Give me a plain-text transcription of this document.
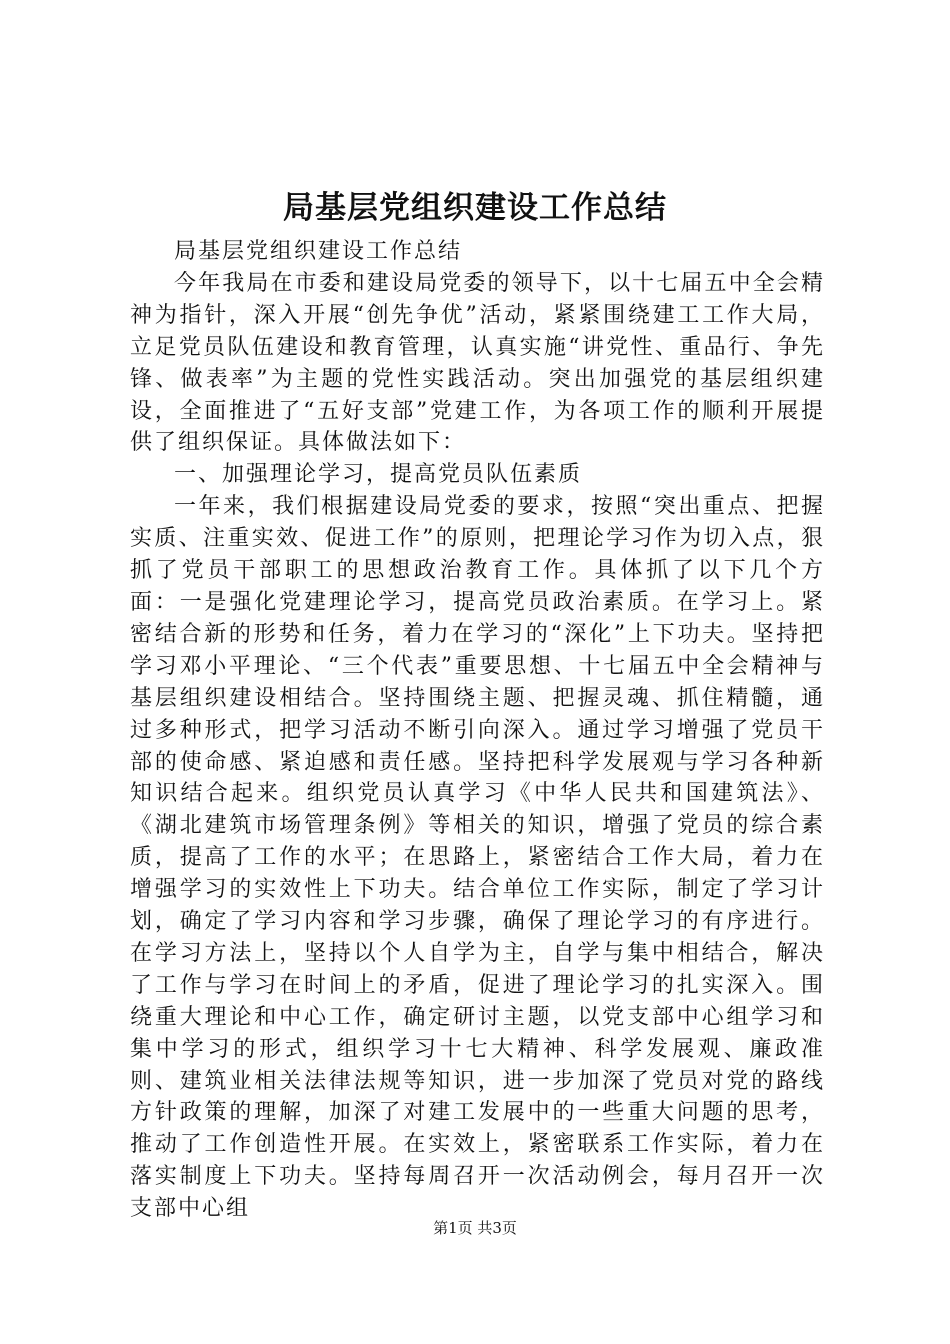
局基层党组织建设工作总结

局基层党组织建设工作总结

今年我局在市委和建设局党委的领导下，以十七届五中全会精神为指针，深入开展“创先争优”活动，紧紧围绕建工工作大局，立足党员队伍建设和教育管理，认真实施“讲党性、重品行、争先锋、做表率”为主题的党性实践活动。突出加强党的基层组织建设，全面推进了“五好支部”党建工作，为各项工作的顺利开展提供了组织保证。具体做法如下：

一、加强理论学习，提高党员队伍素质

一年来，我们根据建设局党委的要求，按照“突出重点、把握实质、注重实效、促进工作”的原则，把理论学习作为切入点，狠抓了党员干部职工的思想政治教育工作。具体抓了以下几个方面：一是强化党建理论学习，提高党员政治素质。在学习上。紧密结合新的形势和任务，着力在学习的“深化”上下功夫。坚持把学习邓小平理论、“三个代表”重要思想、十七届五中全会精神与基层组织建设相结合。坚持围绕主题、把握灵魂、抓住精髓，通过多种形式，把学习活动不断引向深入。通过学习增强了党员干部的使命感、紧迫感和责任感。坚持把科学发展观与学习各种新知识结合起来。组织党员认真学习《中华人民共和国建筑法》、《湖北建筑市场管理条例》等相关的知识，增强了党员的综合素质，提高了工作的水平；在思路上，紧密结合工作大局，着力在增强学习的实效性上下功夫。结合单位工作实际，制定了学习计划，确定了学习内容和学习步骤，确保了理论学习的有序进行。在学习方法上，坚持以个人自学为主，自学与集中相结合，解决了工作与学习在时间上的矛盾，促进了理论学习的扎实深入。围绕重大理论和中心工作，确定研讨主题，以党支部中心组学习和集中学习的形式，组织学习十七大精神、科学发展观、廉政准则、建筑业相关法律法规等知识，进一步加深了党员对党的路线方针政策的理解，加深了对建工发展中的一些重大问题的思考，推动了工作创造性开展。在实效上，紧密联系工作实际，着力在落实制度上下功夫。坚持每周召开一次活动例会，每月召开一次支部中心组

第1页 共3页
